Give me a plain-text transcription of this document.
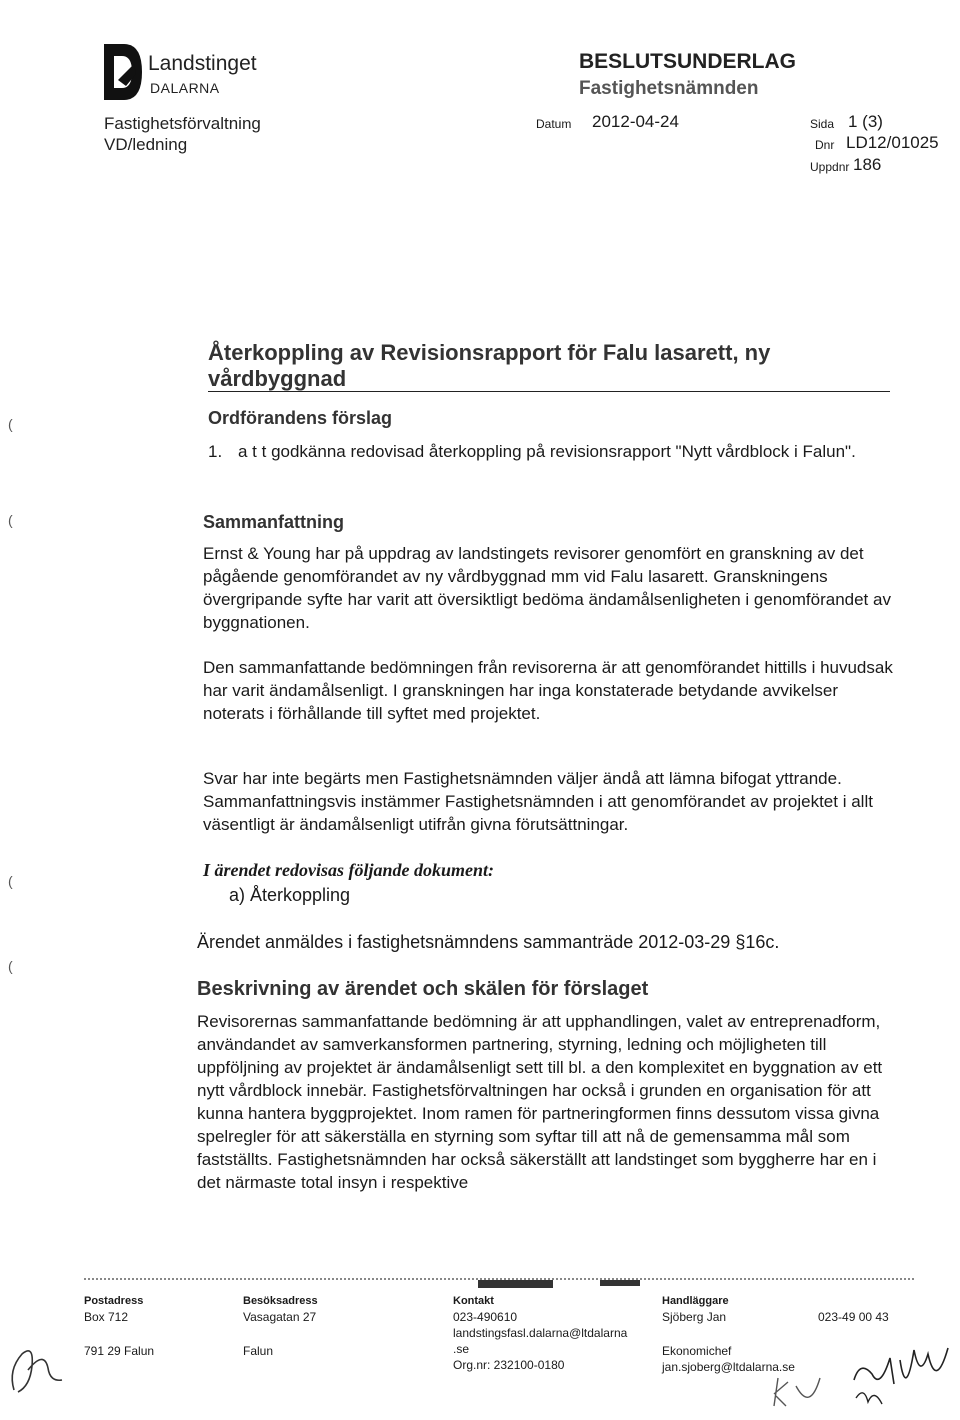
Landstinget
DALARNA
Fastighetsförvaltning
VD/ledning
BESLUTSUNDERLAG
Fastighetsnämnden
Datum 2012-04-24	Sida 1 (3)
Dnr LD12/01025
Uppdnr 186
Återkoppling av Revisionsrapport för Falu lasarett, ny vårdbyggnad
Ordförandens förslag
1. a t t godkänna redovisad återkoppling på revisionsrapport "Nytt vårdblock i Falun".
Sammanfattning
Ernst & Young har på uppdrag av landstingets revisorer genomfört en granskning av det pågående genomförandet av ny vårdbyggnad mm vid Falu lasarett. Granskningens övergripande syfte har varit att översiktligt bedöma ändamålsenligheten i genomförandet av byggnationen.
Den sammanfattande bedömningen från revisorerna är att genomförandet hittills i huvudsak har varit ändamålsenligt. I granskningen har inga konstaterade betydande avvikelser noterats i förhållande till syftet med projektet.
Svar har inte begärts men Fastighetsnämnden väljer ändå att lämna bifogat yttrande. Sammanfattningsvis instämmer Fastighetsnämnden i att genomförandet av projektet i allt väsentligt är ändamålsenligt utifrån givna förutsättningar.
I ärendet redovisas följande dokument:
a) Återkoppling
Ärendet anmäldes i fastighetsnämndens sammanträde 2012-03-29 §16c.
Beskrivning av ärendet och skälen för förslaget
Revisorernas sammanfattande bedömning är att upphandlingen, valet av entreprenadform, användandet av samverkansformen partnering, styrning, ledning och möjligheten till uppföljning av projektet är ändamålsenligt sett till bl. a den komplexitet en byggnation av ett nytt vårdblock innebär. Fastighetsförvaltningen har också i grunden en organisation för att kunna hantera byggprojektet. Inom ramen för partneringformen finns dessutom vissa givna spelregler för att säkerställa en styrning som syftar till att nå de gemensamma mål som fastställts. Fastighetsnämnden har också säkerställt att landstinget som byggherre har en i det närmaste total insyn i respektive
(
(
(
(
Postadress
Box 712
791 29 Falun
Besöksadress
Vasagatan 27
Falun
Kontakt
023-490610
landstingsfasl.dalarna@ltdalarna
.se
Org.nr: 232100-0180
Handläggare
Sjöberg Jan
Ekonomichef
jan.sjoberg@ltdalarna.se
023-49 00 43
